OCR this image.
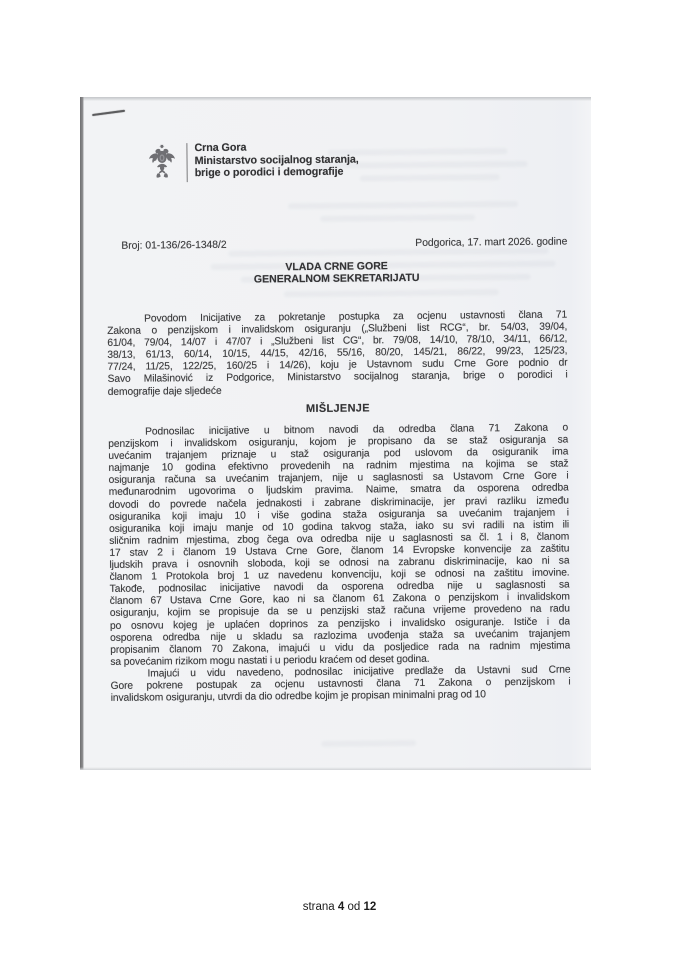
Crna Gora
Ministarstvo socijalnog staranja,
brige o porodici i demografije
Broj: 01-136/26-1348/2	Podgorica, 17. mart 2026. godine
VLADA CRNE GORE
GENERALNOM SEKRETARIJATU
Povodom Inicijative za pokretanje postupka za ocjenu ustavnosti člana 71
Zakona o penzijskom i invalidskom osiguranju („Službeni list RCG“, br. 54/03, 39/04,
61/04, 79/04, 14/07 i 47/07 i „Službeni list CG“, br. 79/08, 14/10, 78/10, 34/11, 66/12,
38/13, 61/13, 60/14, 10/15, 44/15, 42/16, 55/16, 80/20, 145/21, 86/22, 99/23, 125/23,
77/24, 11/25, 122/25, 160/25 i 14/26), koju je Ustavnom sudu Crne Gore podnio dr
Savo Milašinović iz Podgorice, Ministarstvo socijalnog staranja, brige o porodici i
demografije daje sljedeće
MIŠLJENJE
Podnosilac inicijative u bitnom navodi da odredba člana 71 Zakona o
penzijskom i invalidskom osiguranju, kojom je propisano da se staž osiguranja sa
uvećanim trajanjem priznaje u staž osiguranja pod uslovom da osiguranik ima
najmanje 10 godina efektivno provedenih na radnim mjestima na kojima se staž
osiguranja računa sa uvećanim trajanjem, nije u saglasnosti sa Ustavom Crne Gore i
međunarodnim ugovorima o ljudskim pravima. Naime, smatra da osporena odredba
dovodi do povrede načela jednakosti i zabrane diskriminacije, jer pravi razliku između
osiguranika koji imaju 10 i više godina staža osiguranja sa uvećanim trajanjem i
osiguranika koji imaju manje od 10 godina takvog staža, iako su svi radili na istim ili
sličnim radnim mjestima, zbog čega ova odredba nije u saglasnosti sa čl. 1 i 8, članom
17 stav 2 i članom 19 Ustava Crne Gore, članom 14 Evropske konvencije za zaštitu
ljudskih prava i osnovnih sloboda, koji se odnosi na zabranu diskriminacije, kao ni sa
članom 1 Protokola broj 1 uz navedenu konvenciju, koji se odnosi na zaštitu imovine.
Takođe, podnosilac inicijative navodi da osporena odredba nije u saglasnosti sa
članom 67 Ustava Crne Gore, kao ni sa članom 61 Zakona o penzijskom i invalidskom
osiguranju, kojim se propisuje da se u penzijski staž računa vrijeme provedeno na radu
po osnovu kojeg je uplaćen doprinos za penzijsko i invalidsko osiguranje. Ističe i da
osporena odredba nije u skladu sa razlozima uvođenja staža sa uvećanim trajanjem
propisanim članom 70 Zakona, imajući u vidu da posljedice rada na radnim mjestima
sa povećanim rizikom mogu nastati i u periodu kraćem od deset godina.
Imajući u vidu navedeno, podnosilac inicijative predlaže da Ustavni sud Crne
Gore pokrene postupak za ocjenu ustavnosti člana 71 Zakona o penzijskom i
invalidskom osiguranju, utvrdi da dio odredbe kojim je propisan minimalni prag od 10
strana 4 od 12
